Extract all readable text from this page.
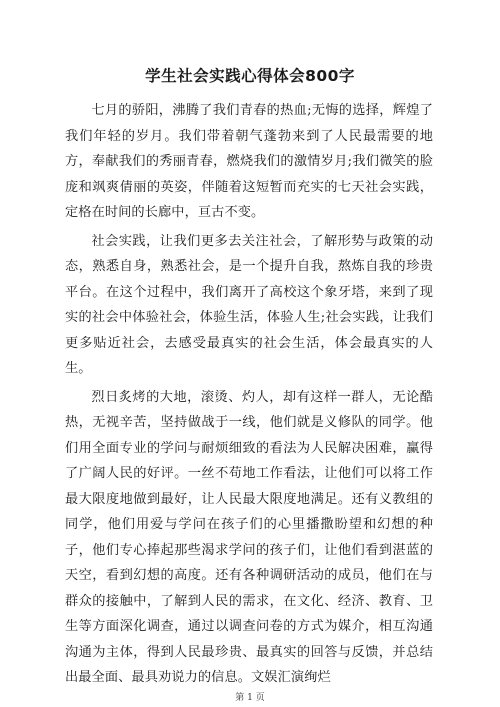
学生社会实践心得体会800字

七月的骄阳，沸腾了我们青春的热血;无悔的选择，辉煌了我们年轻的岁月。我们带着朝气蓬勃来到了人民最需要的地方，奉献我们的秀丽青春，燃烧我们的激情岁月;我们微笑的脸庞和飒爽倩丽的英姿，伴随着这短暂而充实的七天社会实践，定格在时间的长廊中，亘古不变。

社会实践，让我们更多去关注社会，了解形势与政策的动态，熟悉自身，熟悉社会，是一个提升自我，熬炼自我的珍贵平台。在这个过程中，我们离开了高校这个象牙塔，来到了现实的社会中体验社会，体验生活，体验人生;社会实践，让我们更多贴近社会，去感受最真实的社会生活，体会最真实的人生。

烈日炙烤的大地，滚烫、灼人，却有这样一群人，无论酷热，无视辛苦，坚持做战于一线，他们就是义修队的同学。他们用全面专业的学问与耐烦细致的看法为人民解决困难，赢得了广阔人民的好评。一丝不苟地工作看法，让他们可以将工作最大限度地做到最好，让人民最大限度地满足。还有义教组的同学，他们用爱与学问在孩子们的心里播撒盼望和幻想的种子，他们专心捧起那些渴求学问的孩子们，让他们看到湛蓝的天空，看到幻想的高度。还有各种调研活动的成员，他们在与群众的接触中，了解到人民的需求，在文化、经济、教育、卫生等方面深化调查，通过以调查问卷的方式为媒介，相互沟通沟通为主体，得到人民最珍贵、最真实的回答与反馈，并总结出最全面、最具劝说力的信息。文娱汇演绚烂

第 1 页
